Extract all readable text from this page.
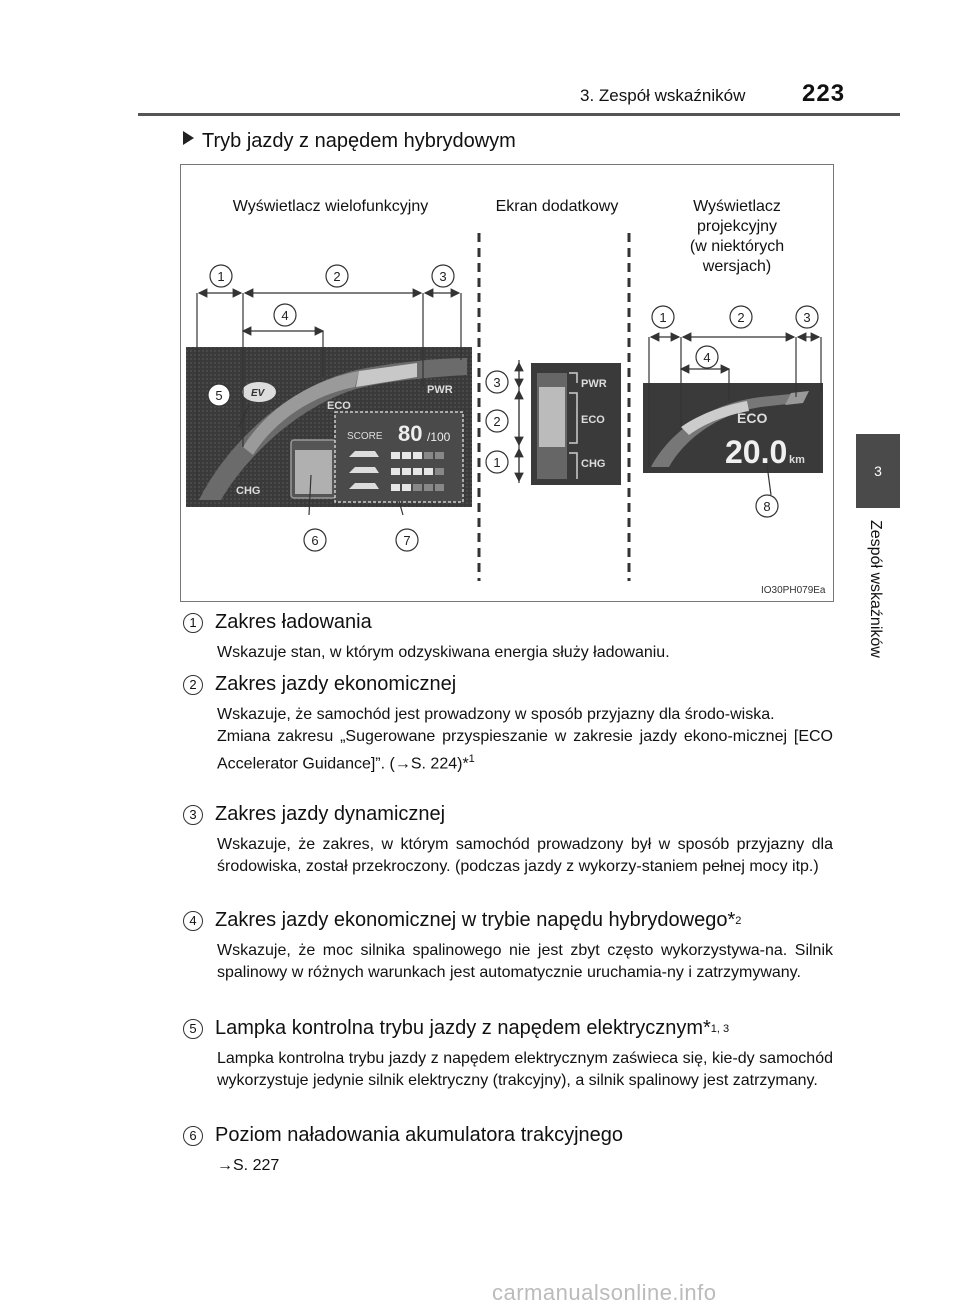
3. Zespół wskaźników 223
3
Zespół wskaźników
Tryb jazdy z napędem hybrydowym
Wyświetlacz wielofunkcyjny	Ekran dodatkowy	Wyświetlacz
projekcyjny
(w niektórych
wersjach)
PWR
ECO
CHG
EV
SCORE 80 /100
PWR
ECO
CHG
ECO
20.0 km
1	2	3
4
5
6	7
3
2
1
1	2	3
4
8
IO30PH079Ea
1 Zakres ładowania
Wskazuje stan, w którym odzyskiwana energia służy ładowaniu.
2 Zakres jazdy ekonomicznej
Wskazuje, że samochód jest prowadzony w sposób przyjazny dla środo-wiska.
Zmiana zakresu „Sugerowane przyspieszanie w zakresie jazdy ekono-micznej [ECO Accelerator Guidance]”. (→S. 224)*$^1$
3 Zakres jazdy dynamicznej
Wskazuje, że zakres, w którym samochód prowadzony był w sposób przyjazny dla środowiska, został przekroczony. (podczas jazdy z wykorzy-staniem pełnej mocy itp.)
4 Zakres jazdy ekonomicznej w trybie napędu hybrydowego* 2
Wskazuje, że moc silnika spalinowego nie jest zbyt często wykorzystywa-na. Silnik spalinowy w różnych warunkach jest automatycznie uruchamia-ny i zatrzymywany.
5 Lampka kontrolna trybu jazdy z napędem elektrycznym* 1, 3
Lampka kontrolna trybu jazdy z napędem elektrycznym zaświeca się, kie-dy samochód wykorzystuje jedynie silnik elektryczny (trakcyjny), a silnik spalinowy jest zatrzymany.
6 Poziom naładowania akumulatora trakcyjnego
→S. 227
carmanualsonline.info
